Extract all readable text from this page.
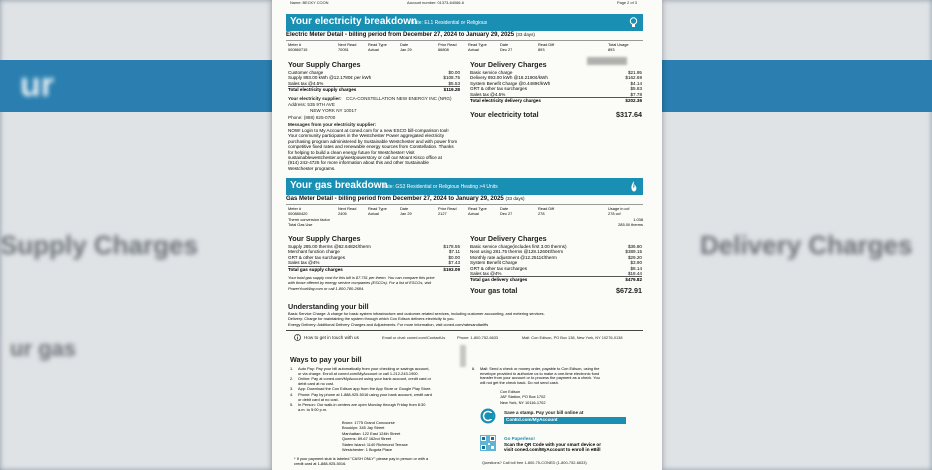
ur
Supply Charges	Delivery Charges
ur gas
Name: BECKY COON	Account number: 01373-64066-6	Page 2 of 3
Your electricity breakdown
Rate: EL1 Residential or Religious
Electric Meter Detail - billing period from December 27, 2024 to January 29, 2025 (33 days)
Meter #	Next Read	Read Type	Date	Prior Read	Read Type	Date	Read Diff	Total Usage
000860715	70051	Actual	Jan 29	66808	Actual	Dec 27	893	893
Your Supply Charges
Customer charge	$0.00
Supply 893.00 kWh @12.1780¢ per kWh	$108.75
Sales tax @4.5%	$5.53
Total electricity supply charges	$119.28
Your electricity supplier: CCA-CONSTELLATION NEW ENERGY INC (NRG)
Address: 535 9TH AVE
NEW YORK NY 10017
Phone: (888) 825-0700
Messages from your electricity supplier:
NOW! Login to My Account at coned.com for a new ESCO bill-comparison tool!
Your community participates in the Westchester Power aggregated electricity
purchasing program administered by Sustainable Westchester and with power from
competitive fixed rates and renewable energy sources from Constellation. Thanks
for helping to build a clean energy future for Westchester! Visit
sustainablewestchester.org/westpowerstory or call our Mount Kisco office at
(914) 242-4725 for more information about this and other Sustainable
Westchester programs.
Your Delivery Charges
Basic service charge	$21.95
Delivery 893.00 kWh @18.2190¢/kWh	$162.69
System Benefit Charge @0.4489¢/kWh	$4.14
GRT & other tax surcharges	$5.83
Sales tax @4.5%	$7.78
Total electricity delivery charges	$202.36
Your electricity total	$317.64
Your gas breakdown
Rate: GS3 Residential or Religious Heating >4 Units
Gas Meter Detail - billing period from December 27, 2024 to January 29, 2025 (33 days)
Meter #	Next Read	Read Type	Date	Prior Read	Read Type	Date	Read Diff	Usage in ccf
000880420	2405	Actual	Jan 29	2127	Actual	Dec 27	278	278 ccf
Therm conversion factor	1.038
Total Gas Use	285.00 therms
Your Supply Charges
Supply 285.00 therms @62.6482¢/therm	$178.55
Merchant function charge	$7.11
GRT & other tax surcharges	$0.00
Sales tax @4%	$7.43
Total gas supply charges	$193.09
Your total gas supply cost for this bill is $7.751 per therm. You can compare this price
with those offered by energy service companies (ESCOs). For a list of ESCOs, visit
PowerYourWay.com or call 1-800-780-2684.
Your Delivery Charges
Basic service charge(includes first 3.00 therms)	$36.80
Next using 281.75 therms @128.1260¢/therm	$389.15
Monthly rate adjustment @12.2511¢/therm	$29.20
System Benefit Charge	$3.90
GRT & other tax surcharges	$8.14
Sales tax @4%	$18.44
Total gas delivery charges	$479.82
Your gas total	$672.91
Understanding your bill
Basic Service Charge: A charge for basic system infrastructure and customer-related services, including customer accounting, and metering services.
Delivery: Charge for maintaining the system through which Con Edison delivers electricity to you.
Energy Delivery: Additional Delivery Charges and Adjustments. For more information, visit coned.com/ratesandtariffs
How to get in touch with us	Email or chat: coned.com/ContactUs	Phone: 1-800-752-6633	Mail: Con Edison, PO Box 138, New York, NY 10276-0138
Ways to pay your bill
1.	Auto Pay: Pay your bill automatically from your checking or savings account,
or via charge. Enroll at coned.com/MyAccount or call 1-212-243-1900.
2.	Online: Pay at coned.com/MyAccount using your bank account, credit card or
debit card at no cost.
3.	App: Download the Con Edison app from the App Store or Google Play Store.
4.	Phone: Pay by phone at 1-888-925-5016 using your bank account, credit card
or debit card at no cost.
5.	In Person: Our walk-in centers are open Monday through Friday from 8:30
a.m. to 5:00 p.m.
Bronx: 1775 Grand Concourse
Brooklyn: 345 Jay Street
Manhattan: 122 East 124th Street
Queens: 89-67 162nd Street
Staten Island: 1140 Richmond Terrace
Westchester: 1 Bogota Place
* If your payment stub is labeled "CASH ONLY" please pay in person or with a
credit card at 1-888-925-5016.
6.	Mail: Send a check or money order, payable to Con Edison, using the
envelope provided to authorize us to make a one-time electronic fund
transfer from your account or to process the payment as a check. You
will not get the check back. Do not send cash.
Con Edison
JAF Station, PO Box 1702
New York, NY 10116-1702
Save a stamp. Pay your bill online at
ConEd.com/MyAccount
Go Paperless!
Scan the QR Code with your smart device or
visit coned.com/MyAccount to enroll in eBill
Questions? Call toll free 1-800-75-CONED (1-800-752-6633)
